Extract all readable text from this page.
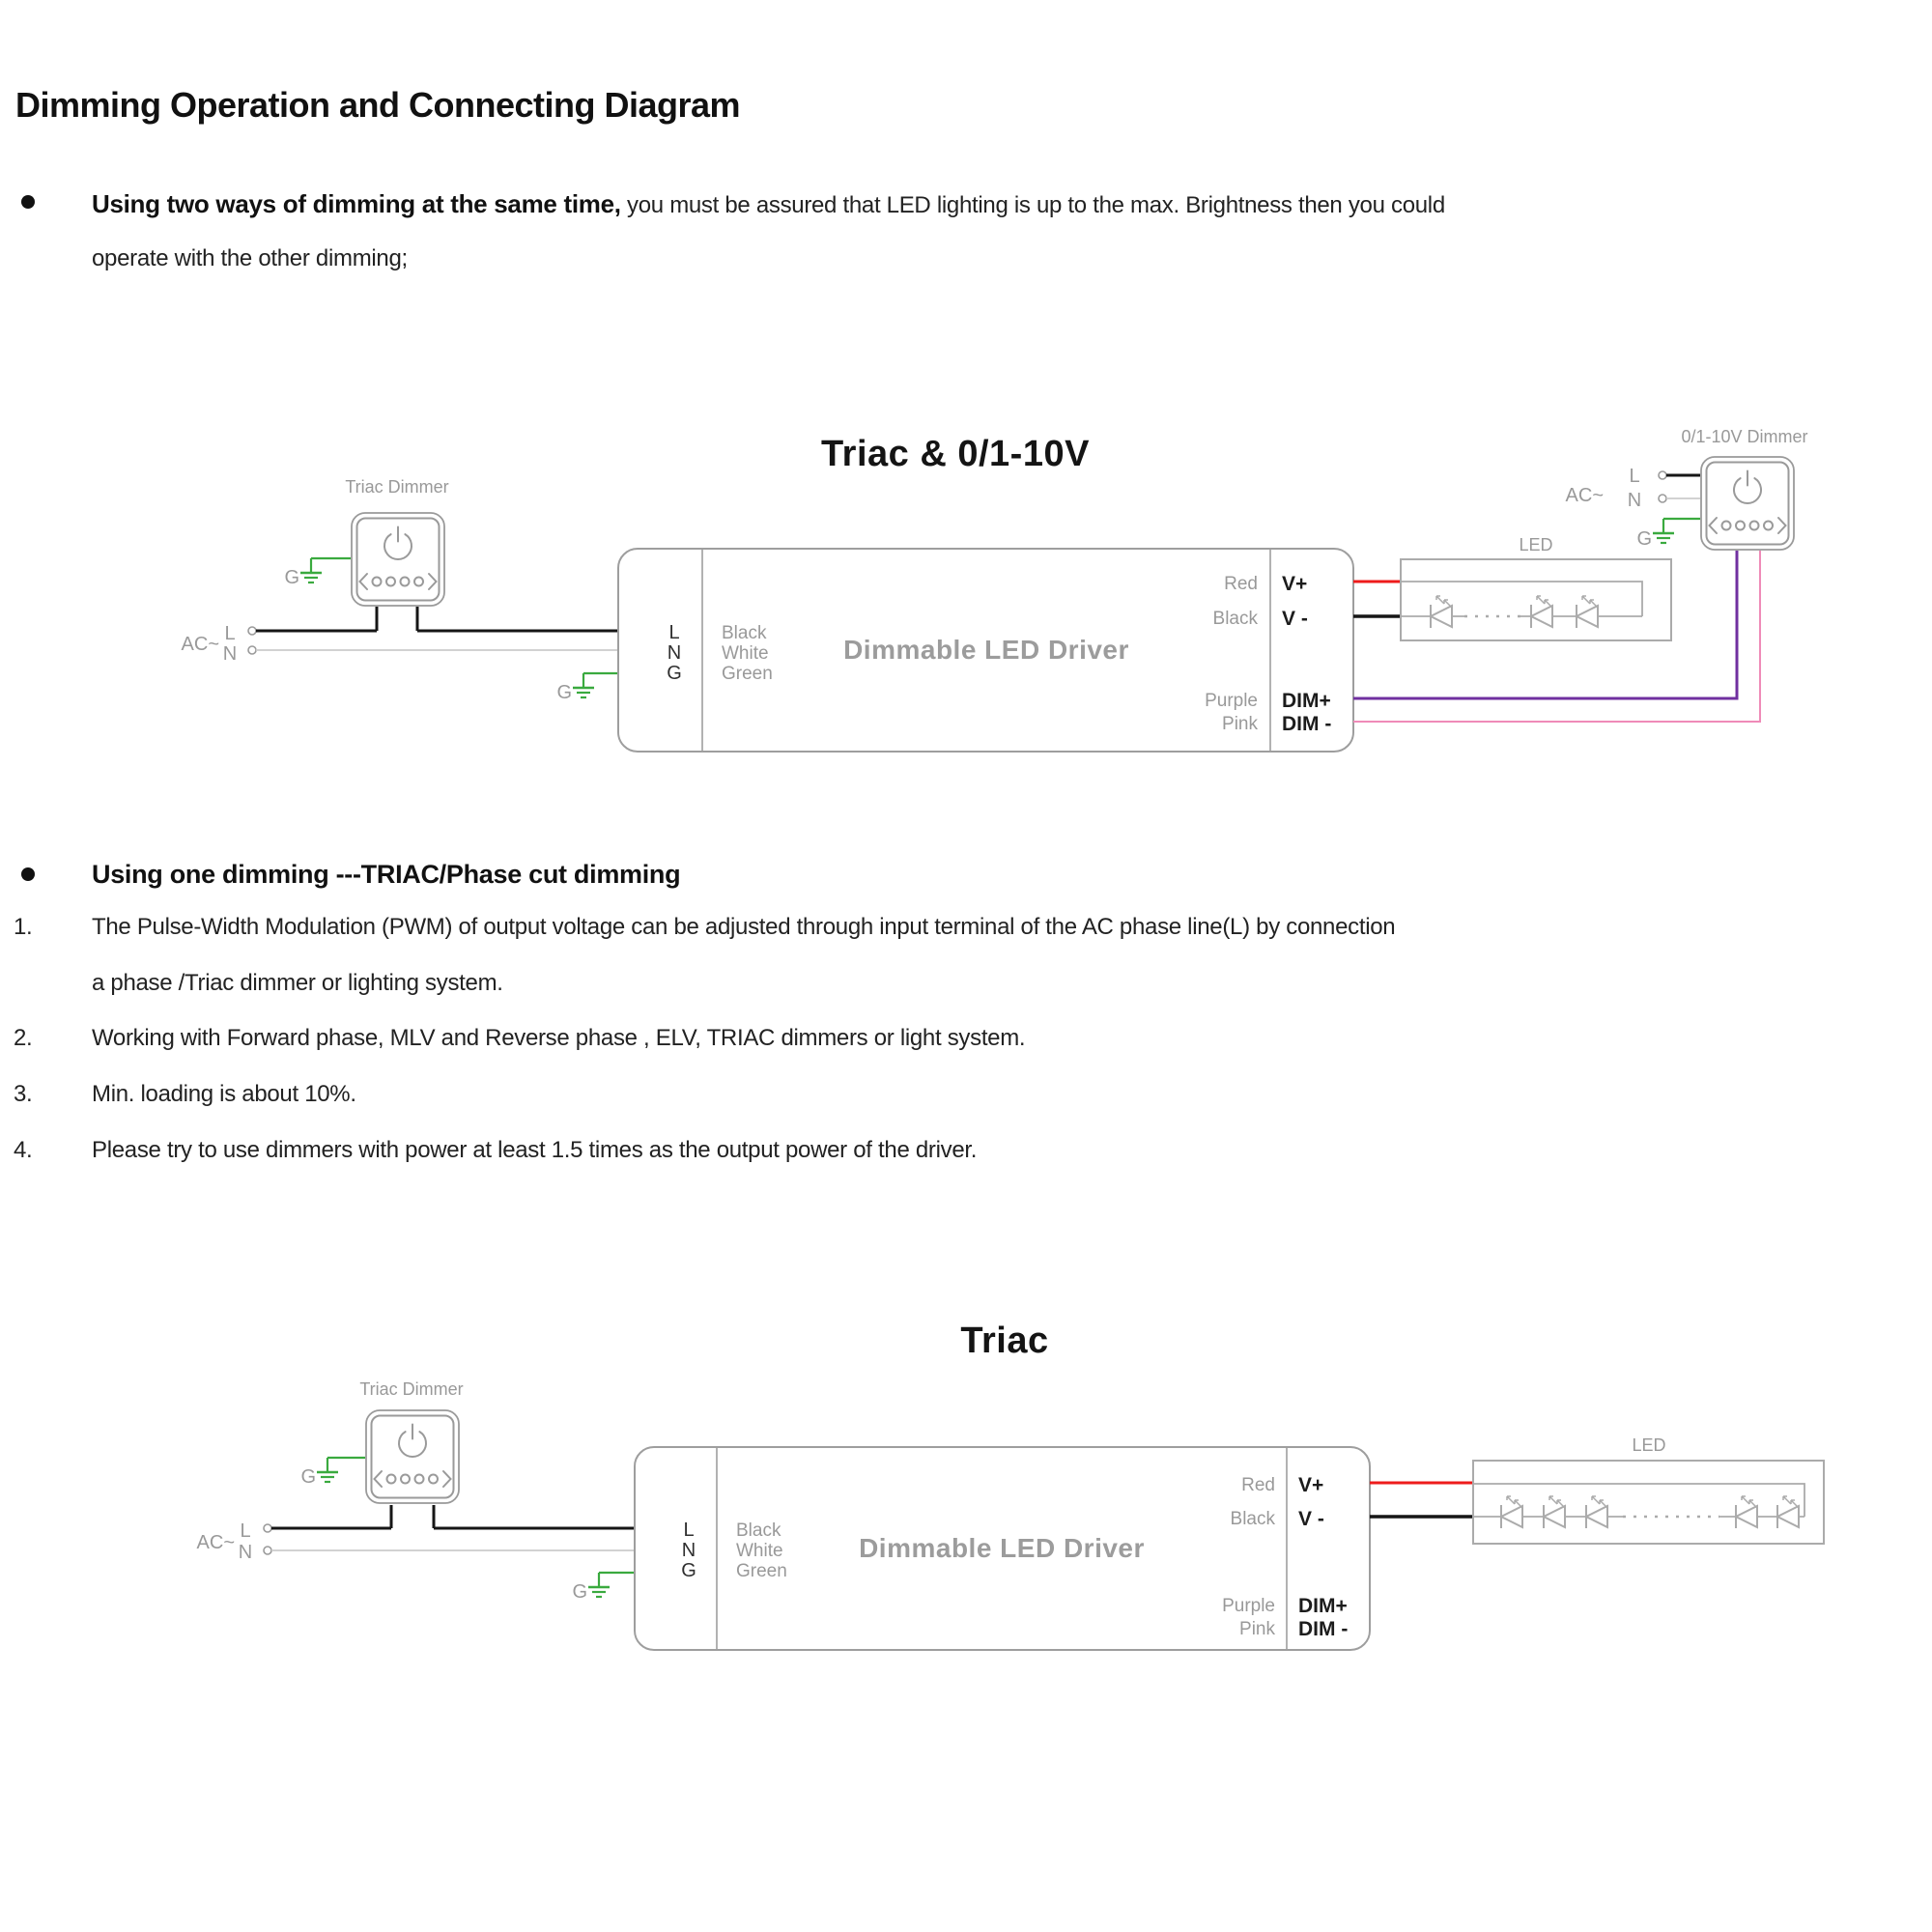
Dimming Operation and Connecting Diagram
Using two ways of dimming at the same time, you must be assured that LED lighting is up to the max. Brightness then you could
operate with the other dimming;
Using one dimming ---TRIAC/Phase cut dimming
1.	The Pulse-Width Modulation (PWM) of output voltage can be adjusted through input terminal of the AC phase line(L) by connection
a phase /Triac dimmer or lighting system.
2.	Working with Forward phase, MLV and Reverse phase , ELV, TRIAC dimmers or light system.
3.	Min. loading is about 10%.
4.	Please try to use dimmers with power at least 1.5 times as the output power of the driver.
Triac & 0/1-10V
Triac Dimmer
G
AC~ L
N
G
L
N
G
Black
White
Green
Dimmable LED Driver
Red
Black
Purple
Pink
V+
V -
DIM+
DIM -
LED
0/1-10V Dimmer
AC~
L
N
G
Triac
Triac Dimmer
G
AC~
L
N
G
L
N
G
Black
White
Green
Dimmable LED Driver
Red
Black
Purple
Pink
V+
V -
DIM+
DIM -
LED
